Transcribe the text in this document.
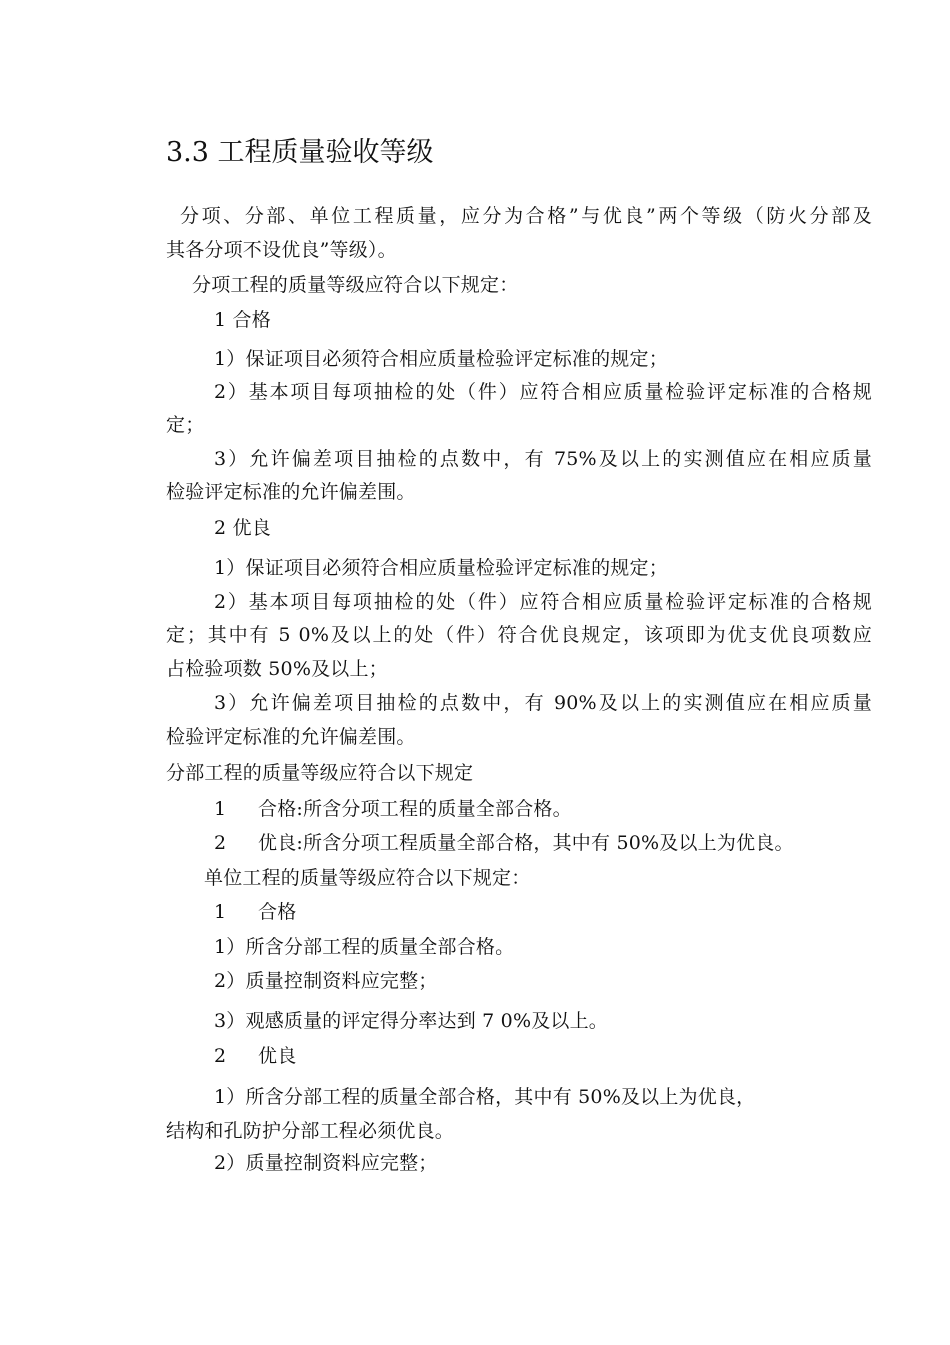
3.3 工程质量验收等级
分项、分部、单位工程质量，应分为合格”与优良”两个等级（防火分部及
其各分项不设优良”等级）。
分项工程的质量等级应符合以下规定：
1 合格
1）保证项目必须符合相应质量检验评定标准的规定；
2）基本项目每项抽检的处（件）应符合相应质量检验评定标准的合格规
定；
3）允许偏差项目抽检的点数中，有 75%及以上的实测值应在相应质量
检验评定标准的允许偏差围。
2 优良
1）保证项目必须符合相应质量检验评定标准的规定；
2）基本项目每项抽检的处（件）应符合相应质量检验评定标准的合格规
定；其中有 5 0%及以上的处（件）符合优良规定，该项即为优支优良项数应
占检验项数 50%及以上；
3）允许偏差项目抽检的点数中，有 90%及以上的实测值应在相应质量
检验评定标准的允许偏差围。
分部工程的质量等级应符合以下规定
1 合格:所含分项工程的质量全部合格。
2 优良:所含分项工程质量全部合格，其中有 50%及以上为优良。
单位工程的质量等级应符合以下规定：
1 合格
1）所含分部工程的质量全部合格。
2）质量控制资料应完整；
3）观感质量的评定得分率达到 7 0%及以上。
2 优良
1）所含分部工程的质量全部合格，其中有 50%及以上为优良，
结构和孔防护分部工程必须优良。
2）质量控制资料应完整；
